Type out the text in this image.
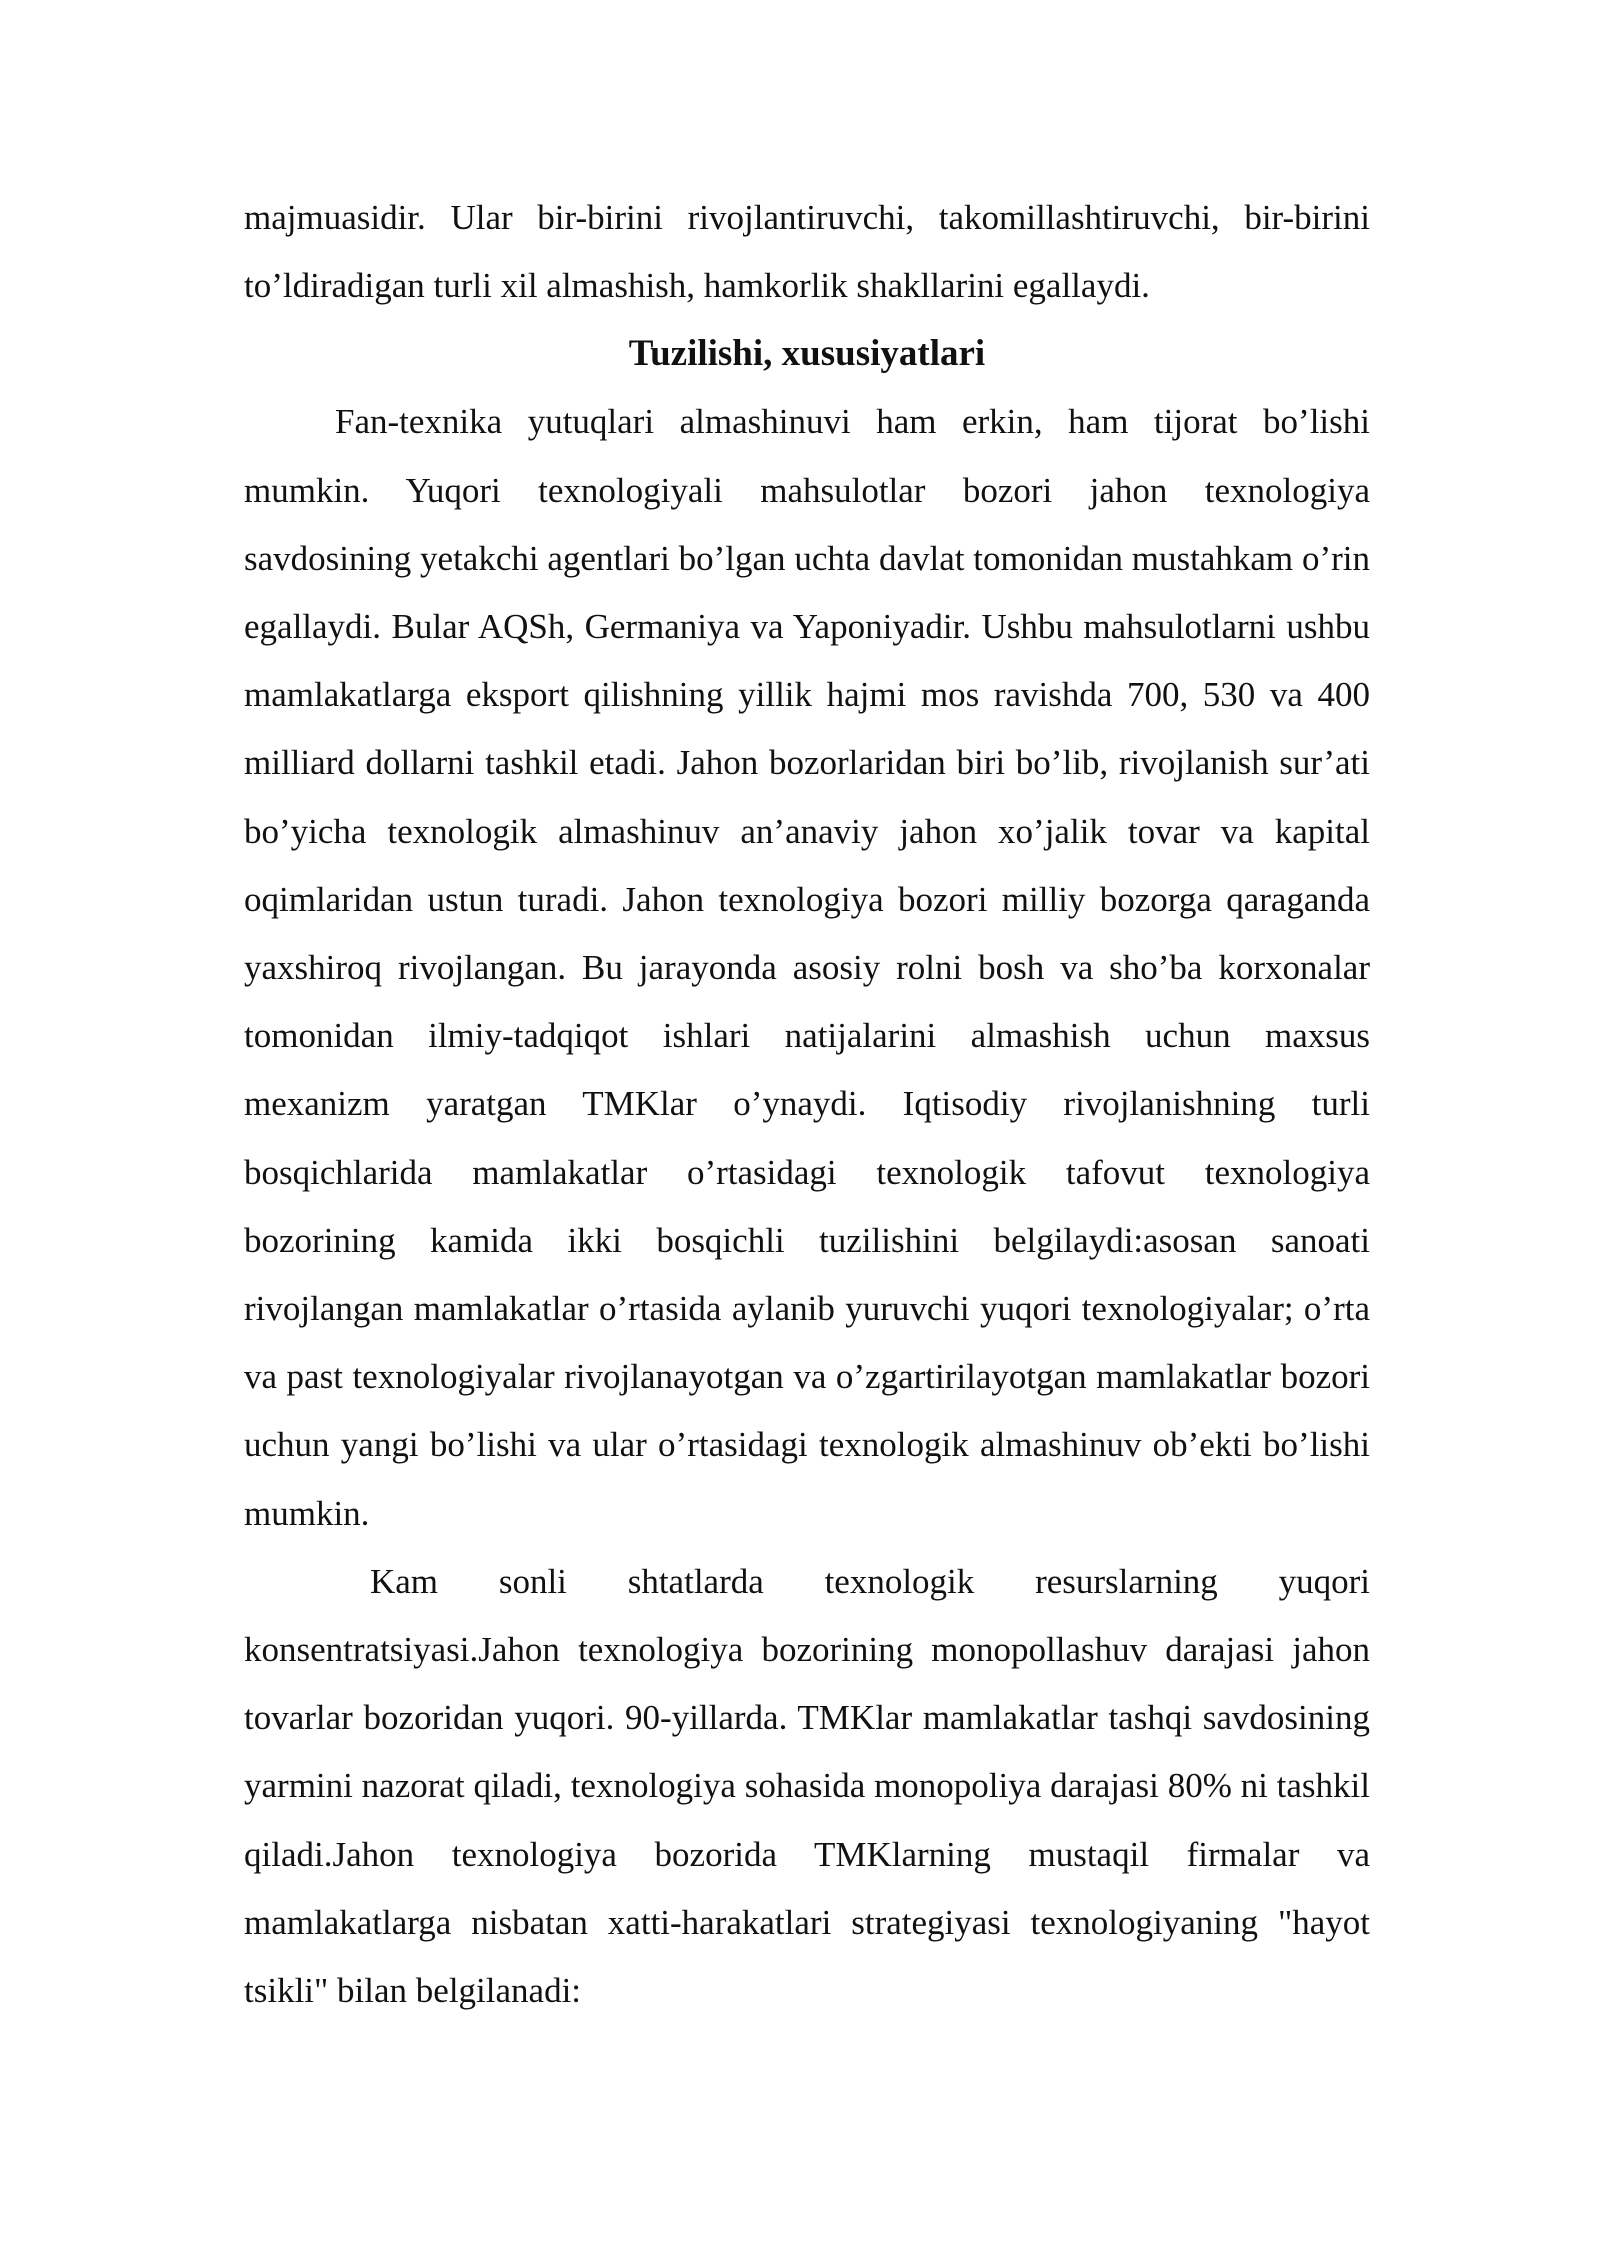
majmuasidir. Ular bir-birini rivojlantiruvchi, takomillashtiruvchi, bir-birini to’ldiradigan turli xil almashish, hamkorlik shakllarini egallaydi.

Tuzilishi, xususiyatlari

Fan-texnika yutuqlari almashinuvi ham erkin, ham tijorat bo’lishi mumkin. Yuqori texnologiyali mahsulotlar bozori jahon texnologiya savdosining yetakchi agentlari bo’lgan uchta davlat tomonidan mustahkam o’rin egallaydi. Bular AQSh, Germaniya va Yaponiyadir. Ushbu mahsulotlarni ushbu mamlakatlarga eksport qilishning yillik hajmi mos ravishda 700, 530 va 400 milliard dollarni tashkil etadi. Jahon bozorlaridan biri bo’lib, rivojlanish sur’ati bo’yicha texnologik almashinuv an’anaviy jahon xo’jalik tovar va kapital oqimlaridan ustun turadi. Jahon texnologiya bozori milliy bozorga qaraganda yaxshiroq rivojlangan. Bu jarayonda asosiy rolni bosh va sho’ba korxonalar tomonidan ilmiy-tadqiqot ishlari natijalarini almashish uchun maxsus mexanizm yaratgan TMKlar o’ynaydi. Iqtisodiy rivojlanishning turli bosqichlarida mamlakatlar o’rtasidagi texnologik tafovut texnologiya bozorining kamida ikki bosqichli tuzilishini belgilaydi:asosan sanoati rivojlangan mamlakatlar o’rtasida aylanib yuruvchi yuqori texnologiyalar; o’rta va past texnologiyalar rivojlanayotgan va o’zgartirilayotgan mamlakatlar bozori uchun yangi bo’lishi va ular o’rtasidagi texnologik almashinuv ob’ekti bo’lishi mumkin.

Kam sonli shtatlarda texnologik resurslarning yuqori konsentratsiyasi.Jahon texnologiya bozorining monopollashuv darajasi jahon tovarlar bozoridan yuqori. 90-yillarda. TMKlar mamlakatlar tashqi savdosining yarmini nazorat qiladi, texnologiya sohasida monopoliya darajasi 80% ni tashkil qiladi.Jahon texnologiya bozorida TMKlarning mustaqil firmalar va mamlakatlarga nisbatan xatti-harakatlari strategiyasi texnologiyaning "hayot tsikli" bilan belgilanadi:
